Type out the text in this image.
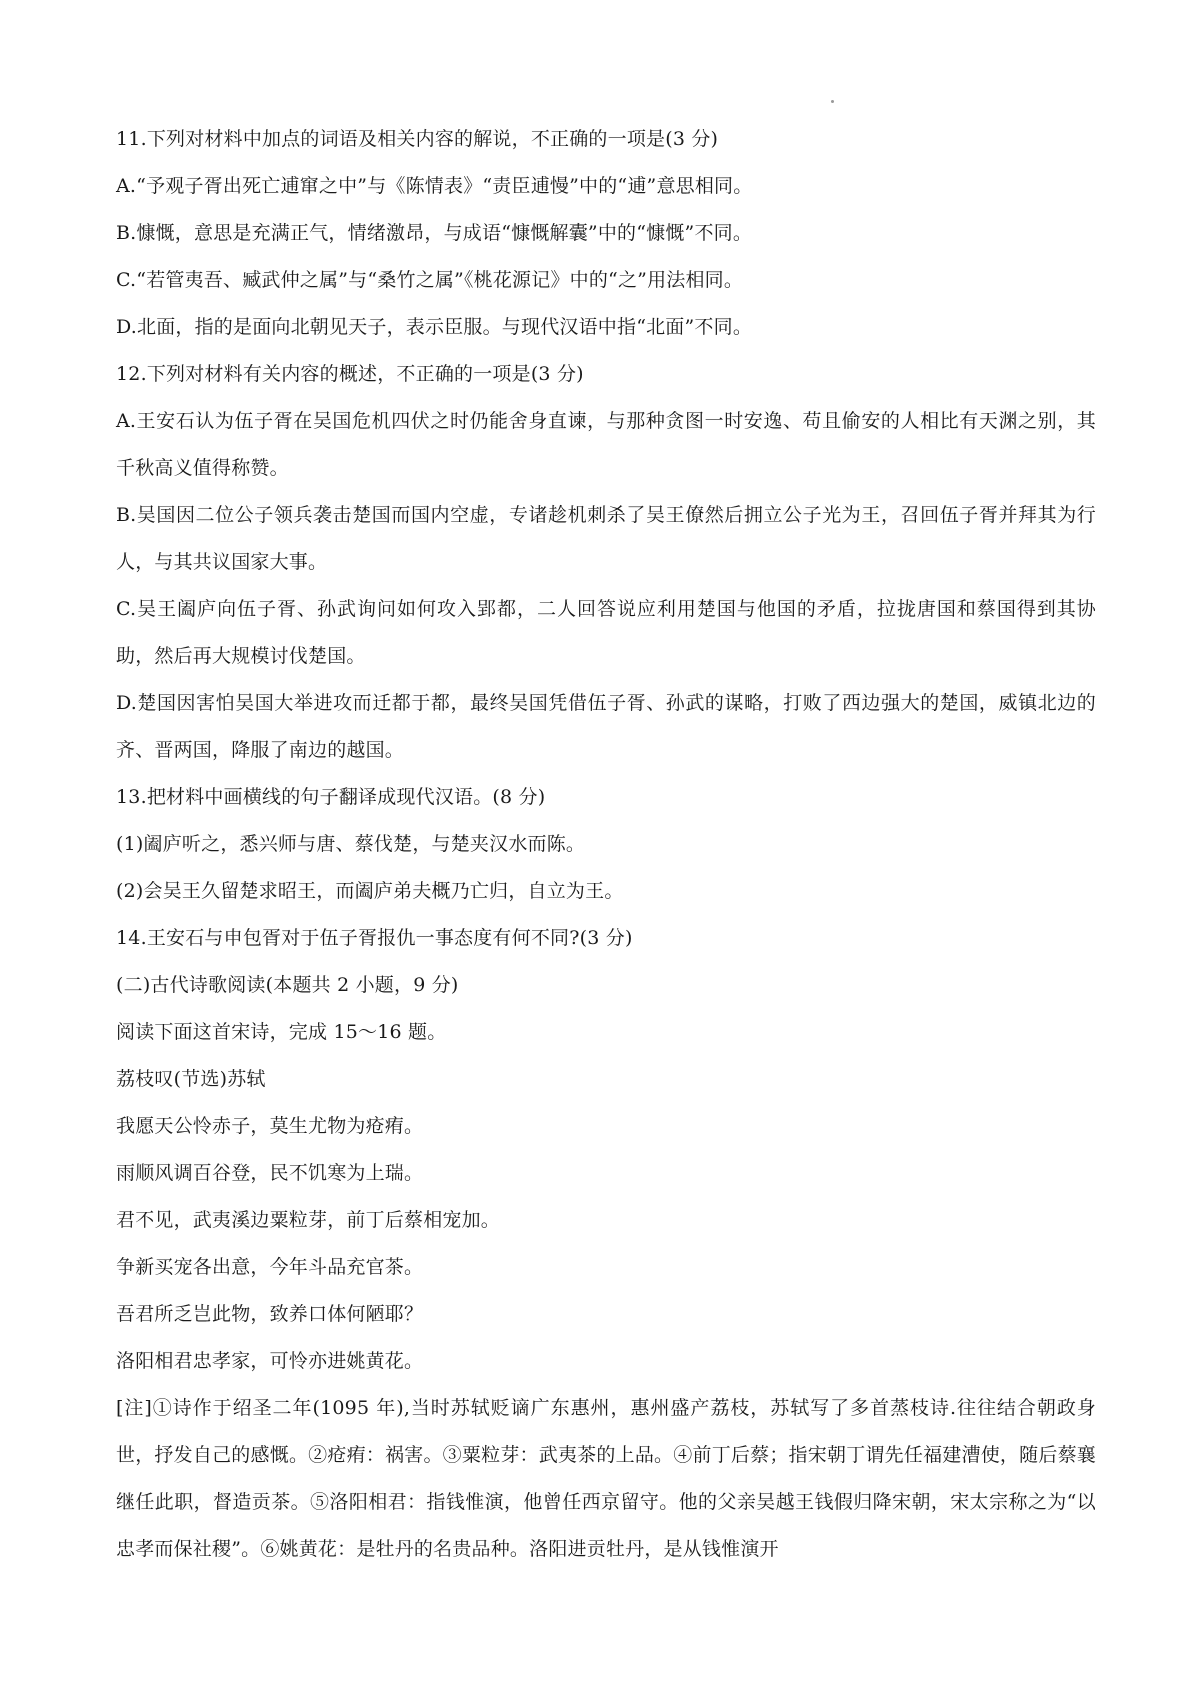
11.下列对材料中加点的词语及相关内容的解说，不正确的一项是(3 分)

A.“予观子胥出死亡逋窜之中”与《陈情表》“责臣逋慢”中的“逋”意思相同。

B.慷慨，意思是充满正气，情绪激昂，与成语“慷慨解囊”中的“慷慨”不同。

C.“若管夷吾、臧武仲之属”与“桑竹之属”《桃花源记》中的“之”用法相同。

D.北面，指的是面向北朝见天子，表示臣服。与现代汉语中指“北面”不同。

12.下列对材料有关内容的概述，不正确的一项是(3 分)

A.王安石认为伍子胥在吴国危机四伏之时仍能舍身直谏，与那种贪图一时安逸、苟且偷安的人相比有天渊之别，其千秋高义值得称赞。

B.吴国因二位公子领兵袭击楚国而国内空虚，专诸趁机刺杀了吴王僚然后拥立公子光为王，召回伍子胥并拜其为行人，与其共议国家大事。

C.吴王阖庐向伍子胥、孙武询问如何攻入郢都，二人回答说应利用楚国与他国的矛盾，拉拢唐国和蔡国得到其协助，然后再大规模讨伐楚国。

D.楚国因害怕吴国大举进攻而迁都于都，最终吴国凭借伍子胥、孙武的谋略，打败了西边强大的楚国，威镇北边的齐、晋两国，降服了南边的越国。

13.把材料中画横线的句子翻译成现代汉语。(8 分)

(1)阖庐听之，悉兴师与唐、蔡伐楚，与楚夹汉水而陈。

(2)会吴王久留楚求昭王，而阖庐弟夫概乃亡归，自立为王。

14.王安石与申包胥对于伍子胥报仇一事态度有何不同?(3 分)

(二)古代诗歌阅读(本题共 2 小题，9 分)

阅读下面这首宋诗，完成 15～16 题。

荔枝叹(节选)苏轼

我愿天公怜赤子，莫生尤物为疮痏。

雨顺风调百谷登，民不饥寒为上瑞。

君不见，武夷溪边粟粒芽，前丁后蔡相宠加。

争新买宠各出意，今年斗品充官茶。

吾君所乏岂此物，致养口体何陋耶？

洛阳相君忠孝家，可怜亦进姚黄花。

[注]①诗作于绍圣二年(1095 年),当时苏轼贬谪广东惠州，惠州盛产荔枝，苏轼写了多首蒸枝诗.往往结合朝政身世，抒发自己的感慨。②疮痏：祸害。③粟粒芽：武夷茶的上品。④前丁后蔡；指宋朝丁谓先任福建漕使，随后蔡襄继任此职，督造贡茶。⑤洛阳相君：指钱惟演，他曾任西京留守。他的父亲吴越王钱假归降宋朝，宋太宗称之为“以忠孝而保社稷”。⑥姚黄花：是牡丹的名贵品种。洛阳进贡牡丹，是从钱惟演开
